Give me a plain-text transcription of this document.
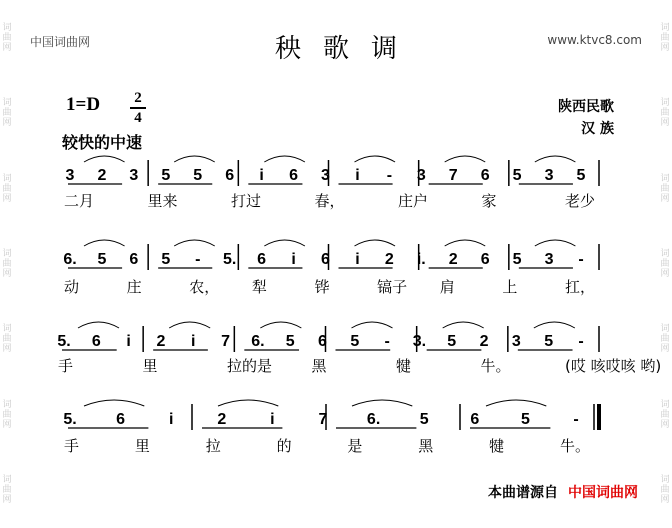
词
曲
网
词
曲
网
词
曲
网
词
曲
网
词
曲
网
词
曲
网
词
曲
网
词
曲
网
词
曲
网
词
曲
网
词
曲
网
词
曲
网
词
曲
网
词
曲
网
中国词曲网	www.ktvc8.com
秧歌调
1=D 2
4
较快的中速
陕西民歌
汉 族
3 2 3 5 5 6 i 6 3 i - 3 7 6 5 3 5
二月	里来	打过	春，	庄户	家	老少
6. 5 6 5 - 5. 6 i 6 i 2 i. 2 6 5 3 -
动	庄	农， 犁	铧	镐子 肩	上	扛，
5. 6 i 2 i 7 6. 5 6 5 - 3. 5 2 3 5 -
手	里	拉的是	黑	犍	牛。	(哎 咳哎咳 哟)
5. 6	i	2	i	7 6. 5	6	5	-
手	里	拉	的	是	黑	犍	牛。
本曲谱源自 中国词曲网
